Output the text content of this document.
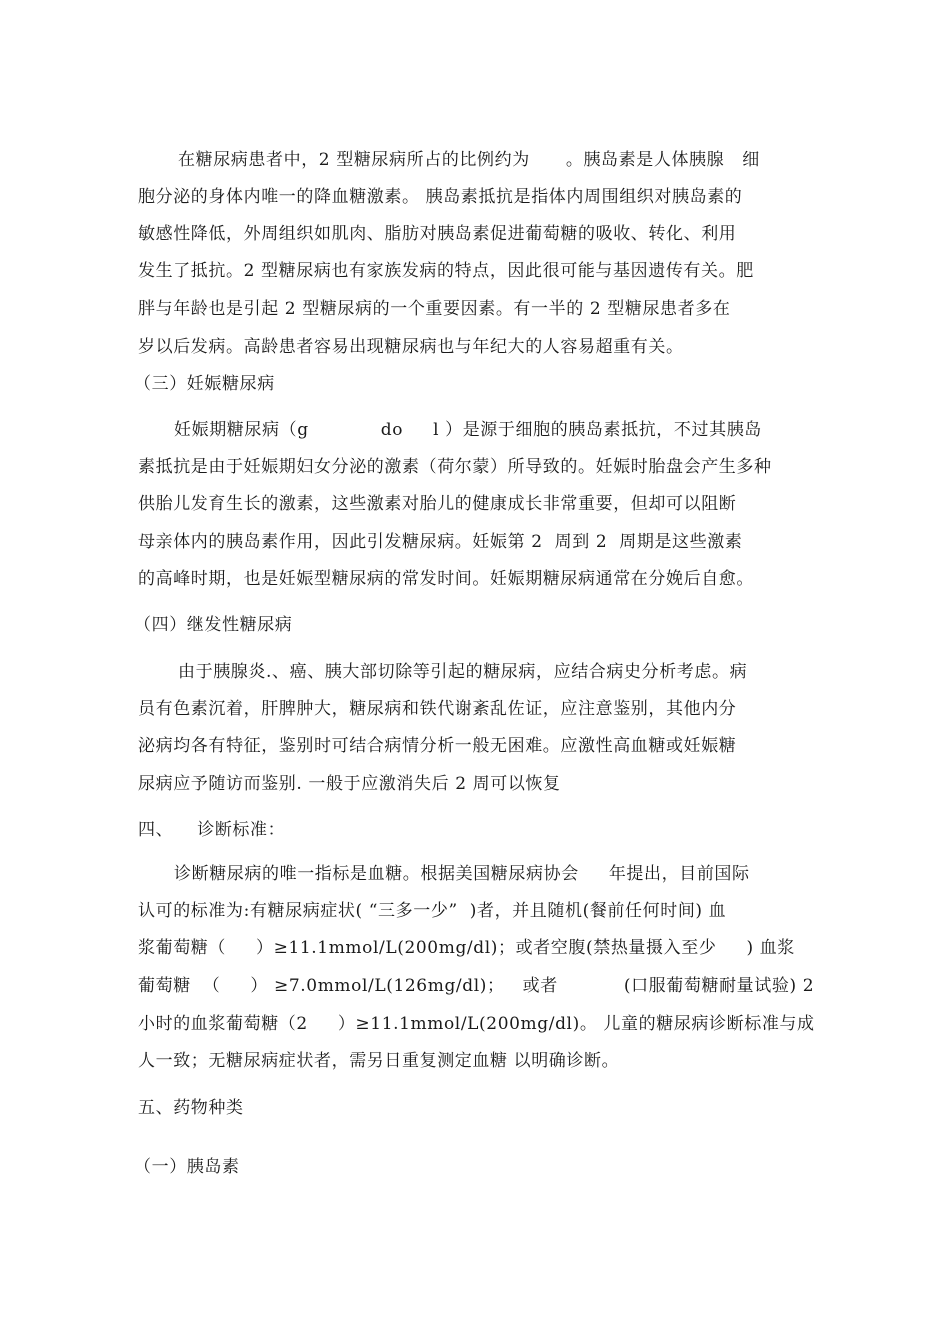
在糖尿病患者中，2 型糖尿病所占的比例约为      。胰岛素是人体胰腺   细
胞分泌的身体内唯一的降血糖激素。 胰岛素抵抗是指体内周围组织对胰岛素的
敏感性降低，外周组织如肌肉、脂肪对胰岛素促进葡萄糖的吸收、转化、利用
发生了抵抗。2 型糖尿病也有家族发病的特点，因此很可能与基因遗传有关。肥
胖与年龄也是引起 2 型糖尿病的一个重要因素。有一半的 2 型糖尿患者多在
岁以后发病。高龄患者容易出现糖尿病也与年纪大的人容易超重有关。
（三）妊娠糖尿病
妊娠期糖尿病（g            do     l ）是源于细胞的胰岛素抵抗，不过其胰岛
素抵抗是由于妊娠期妇女分泌的激素（荷尔蒙）所导致的。妊娠时胎盘会产生多种
供胎儿发育生长的激素，这些激素对胎儿的健康成长非常重要，但却可以阻断
母亲体内的胰岛素作用，因此引发糖尿病。妊娠第 2  周到 2  周期是这些激素
的高峰时期，也是妊娠型糖尿病的常发时间。妊娠期糖尿病通常在分娩后自愈。
（四）继发性糖尿病
由于胰腺炎.、癌、胰大部切除等引起的糖尿病，应结合病史分析考虑。病
员有色素沉着，肝脾肿大，糖尿病和铁代谢紊乱佐证，应注意鉴别，其他内分
泌病均各有特征，鉴别时可结合病情分析一般无困难。应激性高血糖或妊娠糖
尿病应予随访而鉴别. 一般于应激消失后 2 周可以恢复
四、    诊断标准：
诊断糖尿病的唯一指标是血糖。根据美国糖尿病协会     年提出，目前国际
认可的标准为:有糖尿病症状( “三多一少”  )者，并且随机(餐前任何时间) 血
浆葡萄糖（     ）≥11.1mmol/L(200mg/dl)；或者空腹(禁热量摄入至少     ) 血浆
葡萄糖  （     ） ≥7.0mmol/L(126mg/dl)；   或者           (口服葡萄糖耐量试验) 2
小时的血浆葡萄糖（2     ）≥11.1mmol/L(200mg/dl)。 儿童的糖尿病诊断标准与成
人一致；无糖尿病症状者，需另日重复测定血糖 以明确诊断。
五、药物种类
（一）胰岛素
